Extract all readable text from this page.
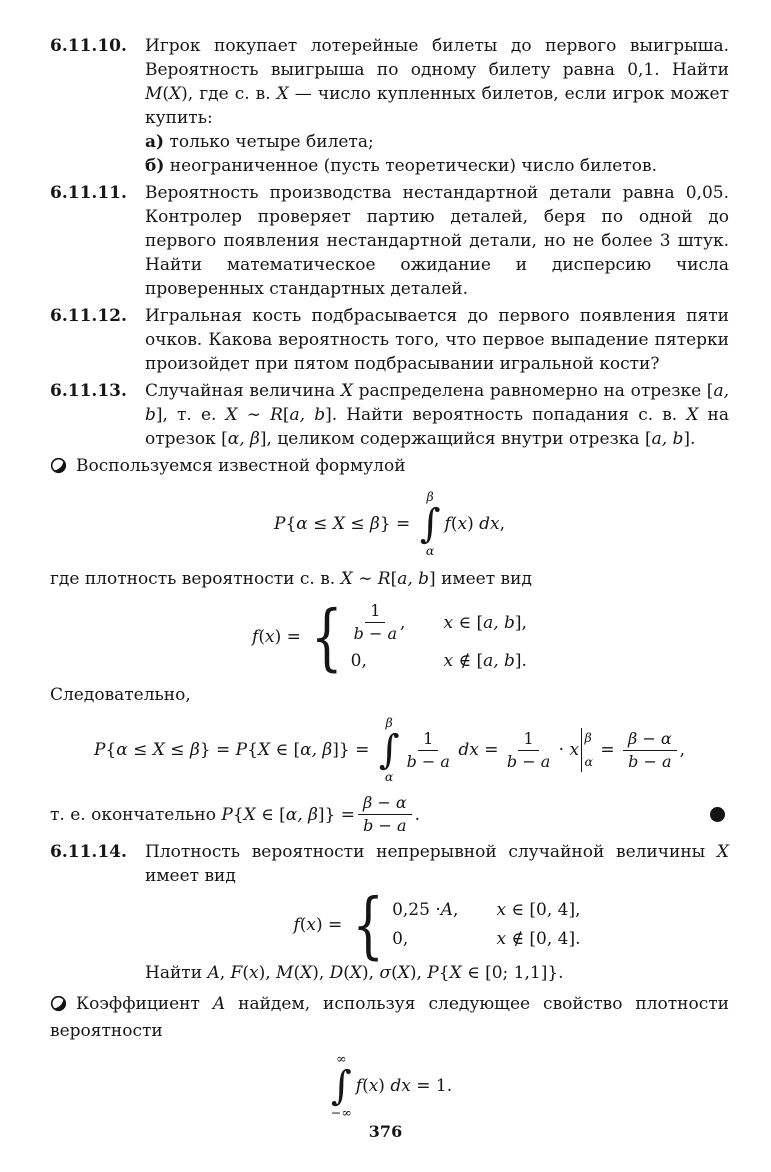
6.11.10.	Игрок покупает лотерейные билеты до первого выигрыша. Вероятность выигрыша по одному билету равна 0,1. Найти M(X), где с. в. X — число купленных билетов, если игрок может купить:
а) только четыре билета;
б) неограниченное (пусть теоретически) число билетов.
6.11.11.	Вероятность производства нестандартной детали равна 0,05. Контролер проверяет партию деталей, беря по одной до первого появления нестандартной детали, но не более 3 штук. Найти математическое ожидание и дисперсию числа проверенных стандартных деталей.
6.11.12.	Игральная кость подбрасывается до первого появления пяти очков. Какова вероятность того, что первое выпадение пятерки произойдет при пятом подбрасывании игральной кости?
6.11.13.	Случайная величина X распределена равномерно на отрезке [a, b], т. е. X ∼ R[a, b]. Найти вероятность попадания с. в. X на отрезок [α, β], целиком содержащийся внутри отрезка [a, b].

Воспользуемся известной формулой

P{α ≤ X ≤ β} =
β
∫
α
f(x) dx,

где плотность вероятности с. в. X ∼ R[a, b] имеет вид

f(x) = { $\frac{1}{b - a}$ , x ∈ [a, b],
0,	x ∉ [a, b].

Следовательно,

P{α ≤ X ≤ β} = P{X ∈ [α, β]} =
β
∫
α
$\frac{1}{b - a}$ dx = $\frac{1}{b - a} \cdot x$
β
α
= $\frac{\beta - \alpha}{b - a}$ ,
т. е. окончательно P{X ∈ [α, $\beta]\} = \frac{\beta - \alpha}{b - a}$ .
6.11.14.	Плотность вероятности непрерывной случайной величины X имеет вид
f(x) = { 0,25 · A , x ∈ [0, 4],
0,	x ∉ [0, 4].
Найти A, F(x), M(X), D(X), σ(X), P{X ∈ [0; 1,1]}.

Коэффициент A найдем, используя следующее свойство плотности вероятности

∞
∫
−∞
f(x) dx = 1.
376
